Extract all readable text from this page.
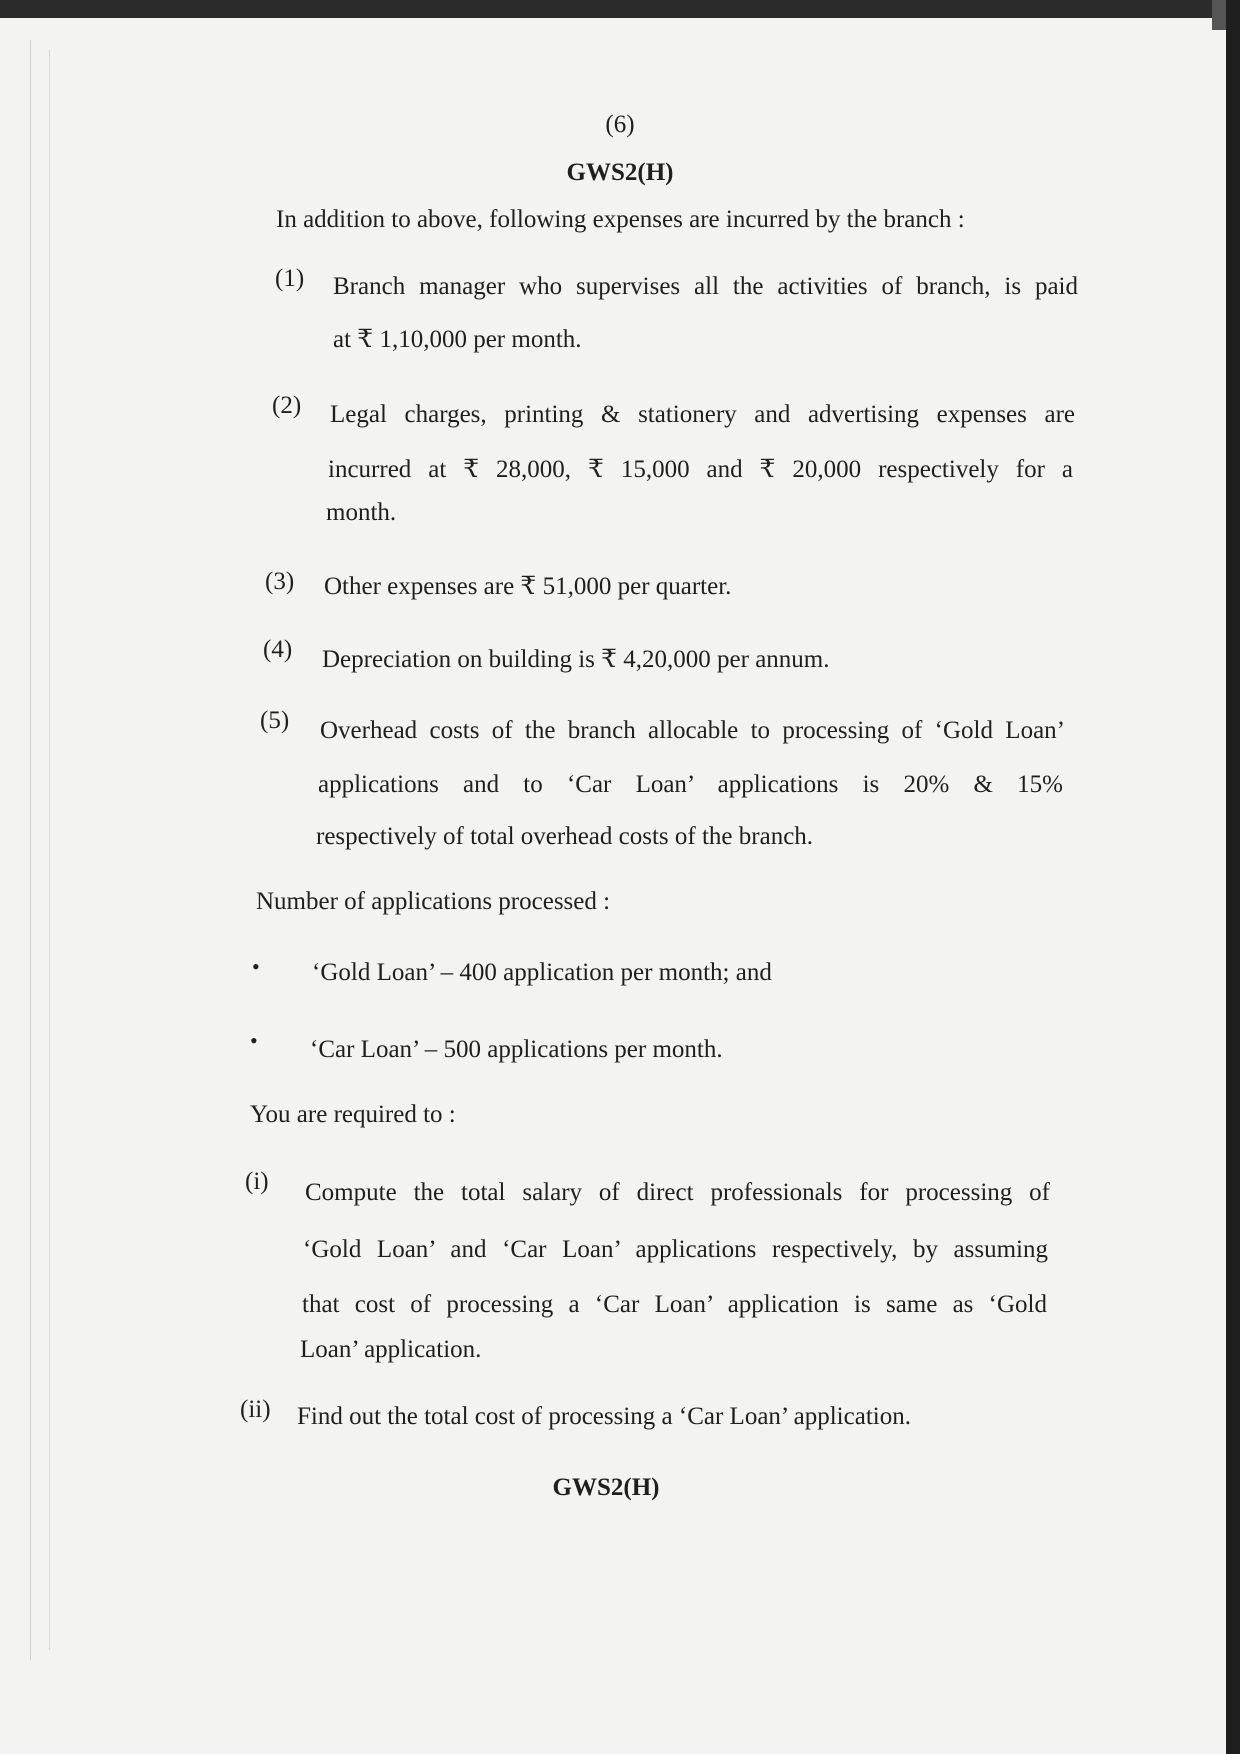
(6)
GWS2(H)
In addition to above, following expenses are incurred by the branch :
(1) Branch manager who supervises all the activities of branch, is paid
at ₹ 1,10,000 per month.
(2) Legal charges, printing & stationery and advertising expenses are
incurred at ₹ 28,000, ₹ 15,000 and ₹ 20,000 respectively for a
month.
(3) Other expenses are ₹ 51,000 per quarter.
(4) Depreciation on building is ₹ 4,20,000 per annum.
(5) Overhead costs of the branch allocable to processing of ‘Gold Loan’
applications and to ‘Car Loan’ applications is 20% & 15%
respectively of total overhead costs of the branch.
Number of applications processed :
• ‘Gold Loan’ – 400 application per month; and
• ‘Car Loan’ – 500 applications per month.
You are required to :
(i) Compute the total salary of direct professionals for processing of
‘Gold Loan’ and ‘Car Loan’ applications respectively, by assuming
that cost of processing a ‘Car Loan’ application is same as ‘Gold
Loan’ application.
(ii) Find out the total cost of processing a ‘Car Loan’ application.
GWS2(H)
